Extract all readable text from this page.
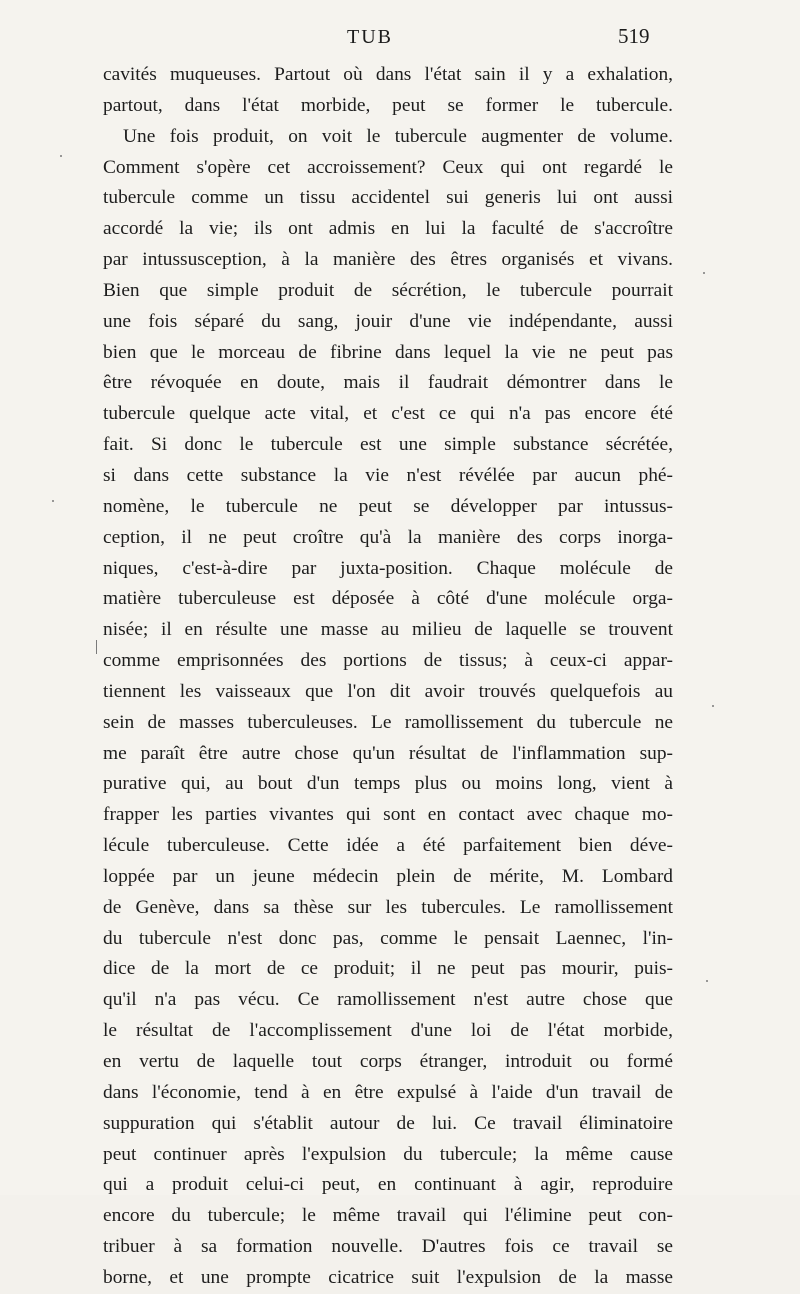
TUB	519
cavités muqueuses. Partout où dans l'état sain il y a exhalation,
partout, dans l'état morbide, peut se former le tubercule.
Une fois produit, on voit le tubercule augmenter de volume.
Comment s'opère cet accroissement? Ceux qui ont regardé le
tubercule comme un tissu accidentel sui generis lui ont aussi
accordé la vie; ils ont admis en lui la faculté de s'accroître
par intussusception, à la manière des êtres organisés et vivans.
Bien que simple produit de sécrétion, le tubercule pourrait
une fois séparé du sang, jouir d'une vie indépendante, aussi
bien que le morceau de fibrine dans lequel la vie ne peut pas
être révoquée en doute, mais il faudrait démontrer dans le
tubercule quelque acte vital, et c'est ce qui n'a pas encore été
fait. Si donc le tubercule est une simple substance sécrétée,
si dans cette substance la vie n'est révélée par aucun phé-
nomène, le tubercule ne peut se développer par intussus-
ception, il ne peut croître qu'à la manière des corps inorga-
niques, c'est-à-dire par juxta-position. Chaque molécule de
matière tuberculeuse est déposée à côté d'une molécule orga-
nisée; il en résulte une masse au milieu de laquelle se trouvent
comme emprisonnées des portions de tissus; à ceux-ci appar-
tiennent les vaisseaux que l'on dit avoir trouvés quelquefois au
sein de masses tuberculeuses. Le ramollissement du tubercule ne
me paraît être autre chose qu'un résultat de l'inflammation sup-
purative qui, au bout d'un temps plus ou moins long, vient à
frapper les parties vivantes qui sont en contact avec chaque mo-
lécule tuberculeuse. Cette idée a été parfaitement bien déve-
loppée par un jeune médecin plein de mérite, M. Lombard
de Genève, dans sa thèse sur les tubercules. Le ramollissement
du tubercule n'est donc pas, comme le pensait Laennec, l'in-
dice de la mort de ce produit; il ne peut pas mourir, puis-
qu'il n'a pas vécu. Ce ramollissement n'est autre chose que
le résultat de l'accomplissement d'une loi de l'état morbide,
en vertu de laquelle tout corps étranger, introduit ou formé
dans l'économie, tend à en être expulsé à l'aide d'un travail de
suppuration qui s'établit autour de lui. Ce travail éliminatoire
peut continuer après l'expulsion du tubercule; la même cause
qui a produit celui-ci peut, en continuant à agir, reproduire
encore du tubercule; le même travail qui l'élimine peut con-
tribuer à sa formation nouvelle. D'autres fois ce travail se
borne, et une prompte cicatrice suit l'expulsion de la masse
